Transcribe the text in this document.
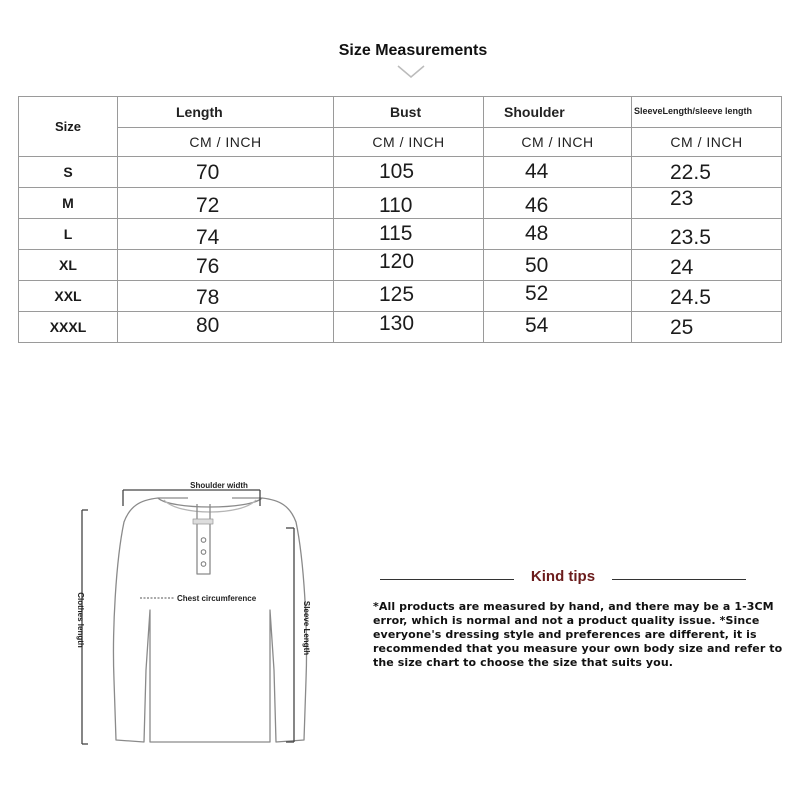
Size Measurements
Size	Length	Bust	Shoulder	SleeveLength/sleeve length

	CM / INCH	CM / INCH	CM / INCH	CM / INCH
S	70	105	44	22.5

M	72	110	46	23

L	74	115	48	23.5

XL	76	120	50	24

XXL	78	125	52	24.5

XXXL	80	130	54	25
Shoulder width
Clothes length	Sleeve Length
Chest circumference
Kind tips
*All products are measured by hand, and there may be a 1-3CM error, which is normal and not a product quality issue. *Since everyone's dressing style and preferences are different, it is recommended that you measure your own body size and refer to the size chart to choose the size that suits you.
